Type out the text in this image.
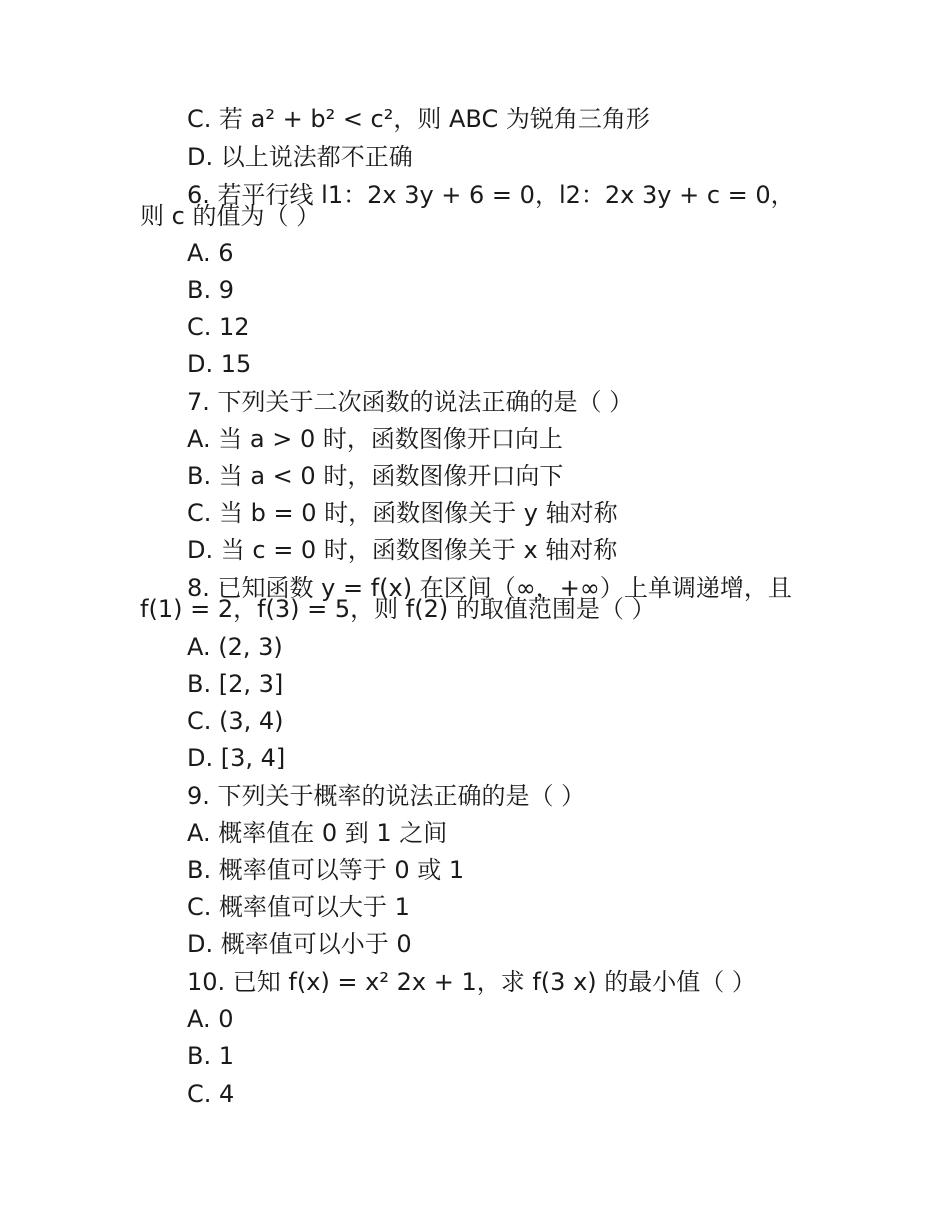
C. 若 a² + b² < c²，则 ABC 为锐角三角形
D. 以上说法都不正确
6. 若平行线 l1：2x 3y + 6 = 0，l2：2x 3y + c = 0，
则 c 的值为（ ）
A. 6
B. 9
C. 12
D. 15
7. 下列关于二次函数的说法正确的是（ ）
A. 当 a > 0 时，函数图像开口向上
B. 当 a < 0 时，函数图像开口向下
C. 当 b = 0 时，函数图像关于 y 轴对称
D. 当 c = 0 时，函数图像关于 x 轴对称
8. 已知函数 y = f(x) 在区间（∞，+∞）上单调递增，且
f(1) = 2，f(3) = 5，则 f(2) 的取值范围是（ ）
A. (2, 3)
B. [2, 3]
C. (3, 4)
D. [3, 4]
9. 下列关于概率的说法正确的是（ ）
A. 概率值在 0 到 1 之间
B. 概率值可以等于 0 或 1
C. 概率值可以大于 1
D. 概率值可以小于 0
10. 已知 f(x) = x² 2x + 1，求 f(3 x) 的最小值（ ）
A. 0
B. 1
C. 4
